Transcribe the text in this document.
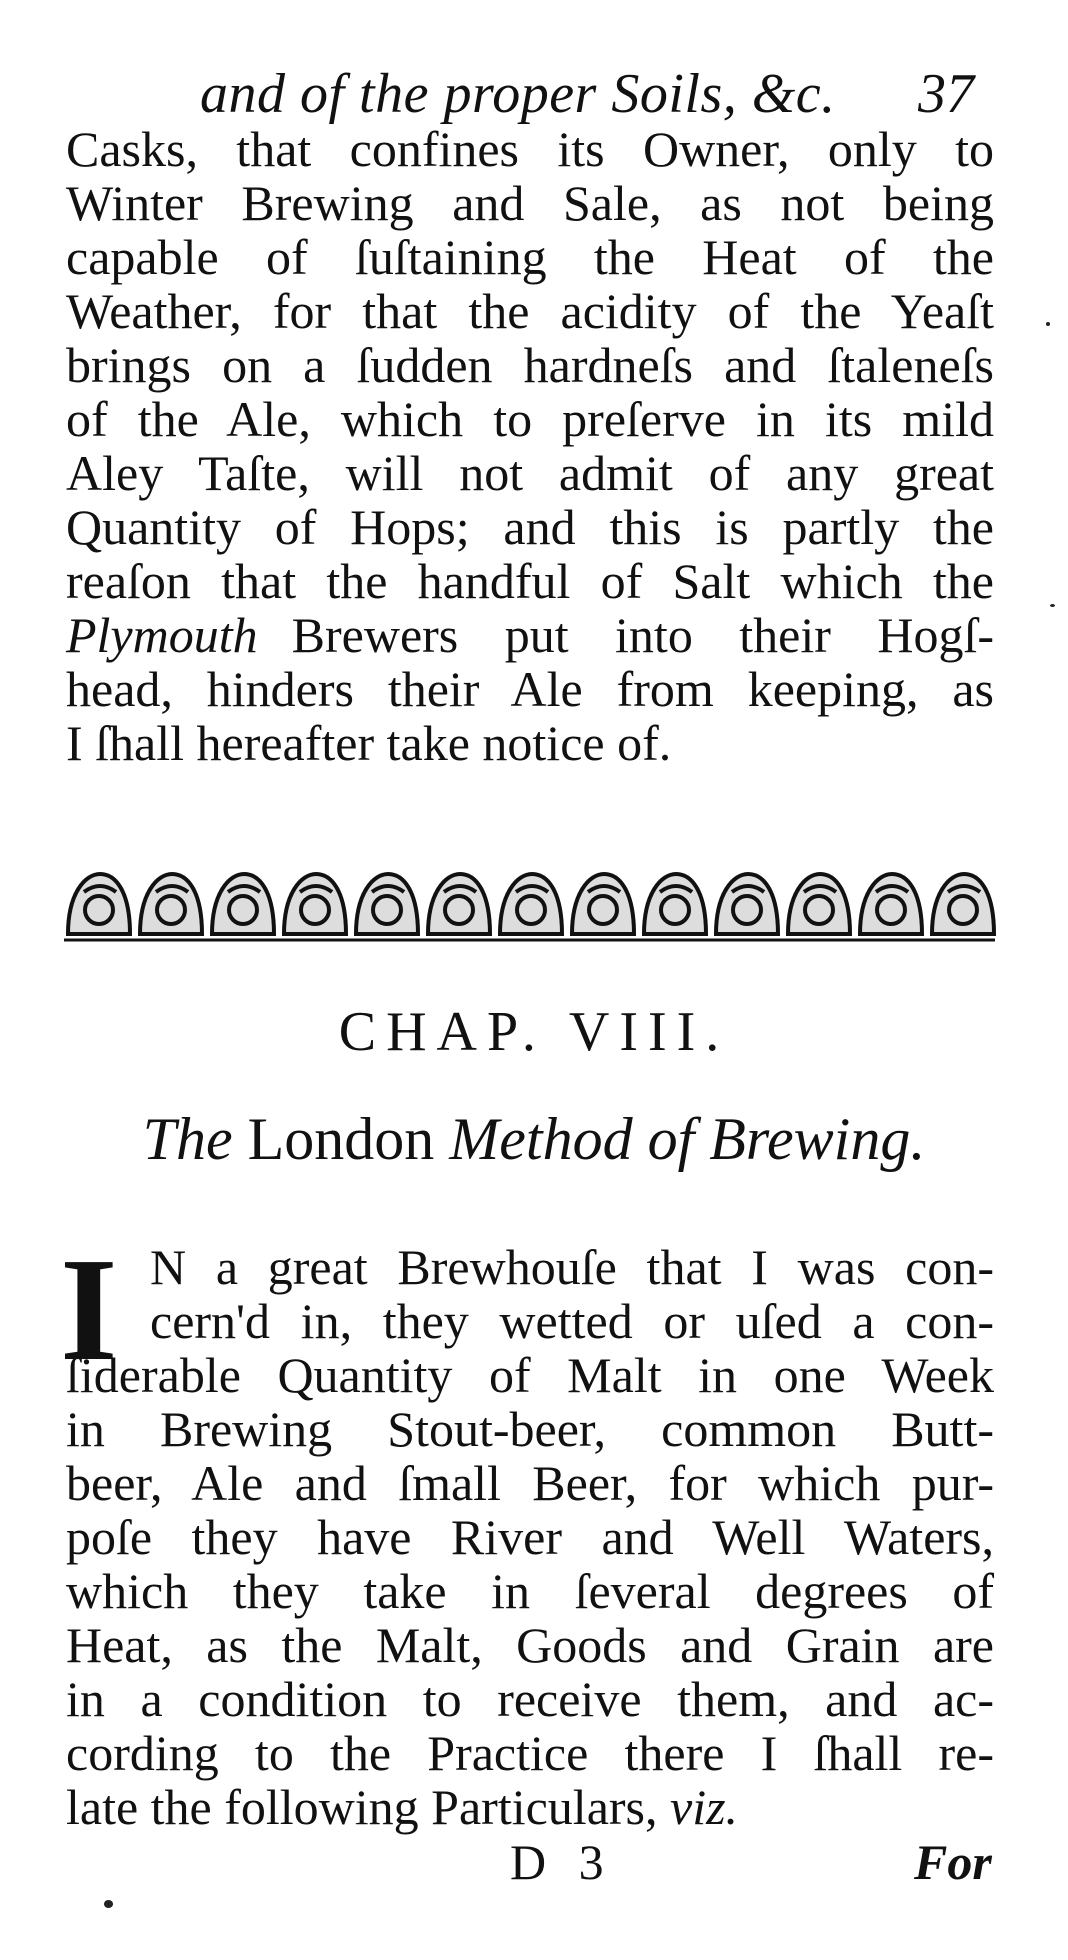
and of the proper Soils, &c. 37
Casks, that confines its Owner, only to
Winter Brewing and Sale, as not being
capable of ſuſtaining the Heat of the
Weather, for that the acidity of the Yeaſt
brings on a ſudden hardneſs and ſtaleneſs
of the Ale, which to preſerve in its mild
Aley Taſte, will not admit of any great
Quantity of Hops; and this is partly the
reaſon that the handful of Salt which the
Plymouth Brewers put into their Hogſ-
head, hinders their Ale from keeping, as
I ſhall hereafter take notice of.
CHAP. VIII.
The London Method of Brewing.
I N a great Brewhouſe that I was con-
cern'd in, they wetted or uſed a con-
ſiderable Quantity of Malt in one Week
in Brewing Stout-beer, common Butt-
beer, Ale and ſmall Beer, for which pur-
poſe they have River and Well Waters,
which they take in ſeveral degrees of
Heat, as the Malt, Goods and Grain are
in a condition to receive them, and ac-
cording to the Practice there I ſhall re-
late the following Particulars, viz.
D 3	For
